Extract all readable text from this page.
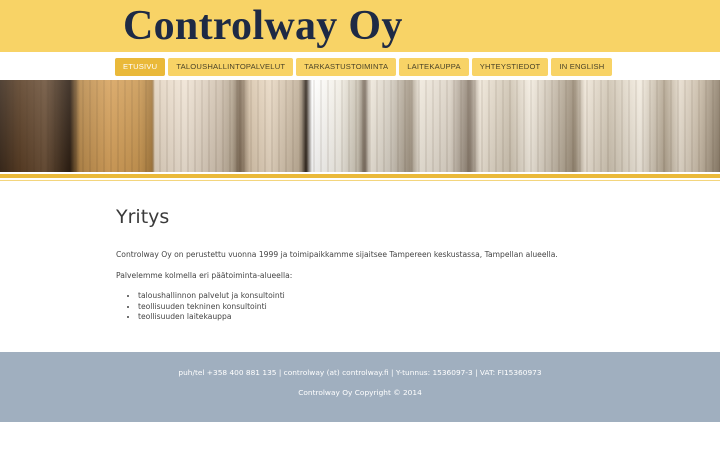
Controlway Oy
ETUSIVU	TALOUSHALLINTOPALVELUT	TARKASTUSTOIMINTA	LAITEKAUPPA	YHTEYSTIEDOT	IN ENGLISH
Yritys

Controlway Oy on perustettu vuonna 1999 ja toimipaikkamme sijaitsee Tampereen keskustassa, Tampellan alueella.

Palvelemme kolmella eri päätoiminta-alueella:

• taloushallinnon palvelut ja konsultointi
• teollisuuden tekninen konsultointi
• teollisuuden laitekauppa
puh/tel +358 400 881 135 | controlway (at) controlway.fi | Y-tunnus: 1536097-3 | VAT: FI15360973
Controlway Oy Copyright © 2014
